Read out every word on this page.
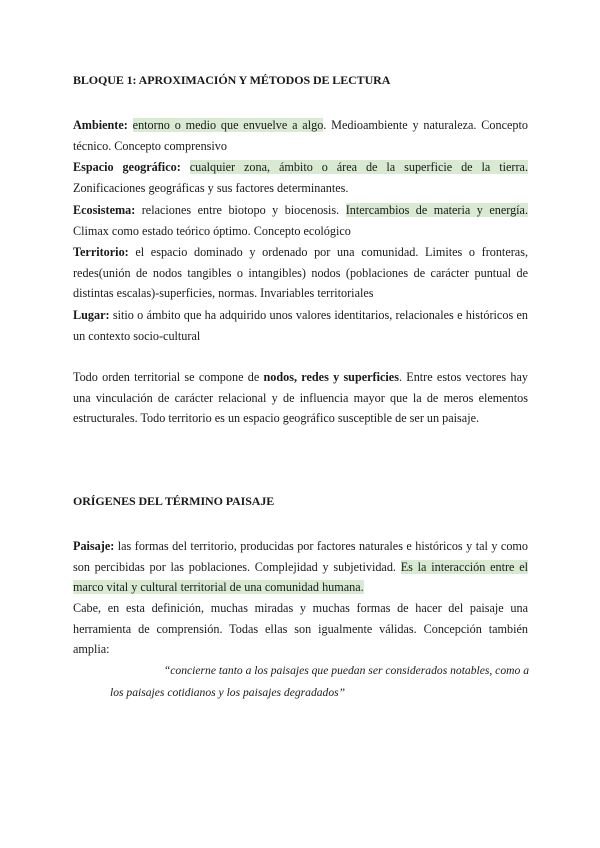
BLOQUE 1: APROXIMACIÓN Y MÉTODOS DE LECTURA
Ambiente: entorno o medio que envuelve a algo. Medioambiente y naturaleza. Concepto técnico. Concepto comprensivo
Espacio geográfico: cualquier zona, ámbito o área de la superficie de la tierra. Zonificaciones geográficas y sus factores determinantes.
Ecosistema: relaciones entre biotopo y biocenosis. Intercambios de materia y energía. Climax como estado teórico óptimo. Concepto ecológico
Territorio: el espacio dominado y ordenado por una comunidad. Limites o fronteras, redes(unión de nodos tangibles o intangibles) nodos (poblaciones de carácter puntual de distintas escalas)-superficies, normas. Invariables territoriales
Lugar: sitio o ámbito que ha adquirido unos valores identitarios, relacionales e históricos en un contexto socio-cultural
Todo orden territorial se compone de nodos, redes y superficies. Entre estos vectores hay una vinculación de carácter relacional y de influencia mayor que la de meros elementos estructurales. Todo territorio es un espacio geográfico susceptible de ser un paisaje.
ORÍGENES DEL TÉRMINO PAISAJE
Paisaje: las formas del territorio, producidas por factores naturales e históricos y tal y como son percibidas por las poblaciones. Complejidad y subjetividad. Es la interacción entre el marco vital y cultural territorial de una comunidad humana.
Cabe, en esta definición, muchas miradas y muchas formas de hacer del paisaje una herramienta de comprensión. Todas ellas son igualmente válidas. Concepción también amplia:
“concierne tanto a los paisajes que puedan ser considerados notables, como a
los paisajes cotidianos y los paisajes degradados”
